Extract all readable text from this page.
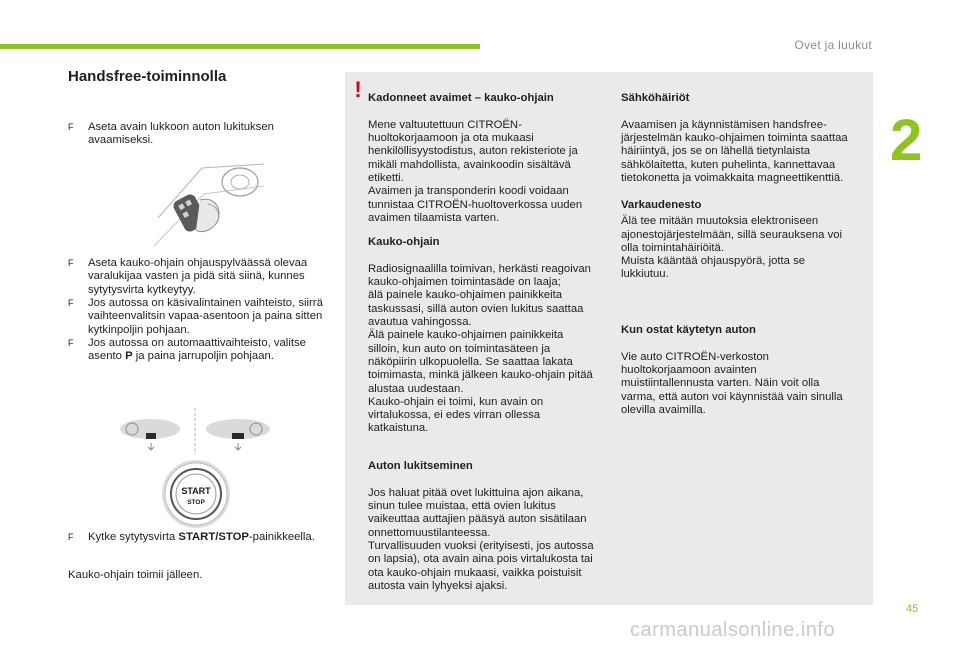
Ovet ja luukut
2
45
carmanualsonline.info
Handsfree-toiminnolla
F Aseta avain lukkoon auton lukituksen avaamiseksi.
F Aseta kauko-ohjain ohjauspylväässä olevaa varalukijaa vasten ja pidä sitä siinä, kunnes sytytysvirta kytkeytyy.
F Jos autossa on käsivalintainen vaihteisto, siirrä vaihteenvalitsin vapaa-asentoon ja paina sitten kytkinpoljin pohjaan.
F Jos autossa on automaattivaihteisto, valitse asento P ja paina jarrupoljin pohjaan.
START
STOP
F Kytke sytytysvirta START/STOP-painikkeella.
Kauko-ohjain toimii jälleen.
! Kadonneet avaimet – kauko-ohjain

Mene valtuutettuun CITROËN-
huoltokorjaamoon ja ota mukaasi
henkilöllisyystodistus, auton rekisteriote ja
mikäli mahdollista, avainkoodin sisältävä
etiketti.
Avaimen ja transponderin koodi voidaan
tunnistaa CITROËN-huoltoverkossa uuden
avaimen tilaamista varten.

Kauko-ohjain

Radiosignaalilla toimivan, herkästi reagoivan
kauko-ohjaimen toimintasäde on laaja;
älä painele kauko-ohjaimen painikkeita
taskussasi, sillä auton ovien lukitus saattaa
avautua vahingossa.
Älä painele kauko-ohjaimen painikkeita
silloin, kun auto on toimintasäteen ja
näköpiirin ulkopuolella. Se saattaa lakata
toimimasta, minkä jälkeen kauko-ohjain pitää
alustaa uudestaan.
Kauko-ohjain ei toimi, kun avain on
virtalukossa, ei edes virran ollessa
katkaistuna.

Auton lukitseminen

Jos haluat pitää ovet lukittuina ajon aikana,
sinun tulee muistaa, että ovien lukitus
vaikeuttaa auttajien pääsyä auton sisätilaan
onnettomuustilanteessa.
Turvallisuuden vuoksi (erityisesti, jos autossa
on lapsia), ota avain aina pois virtalukosta tai
ota kauko-ohjain mukaasi, vaikka poistuisit
autosta vain lyhyeksi ajaksi.

Sähköhäiriöt

Avaamisen ja käynnistämisen handsfree-
järjestelmän kauko-ohjaimen toiminta saattaa
häiriintyä, jos se on lähellä tietynlaista
sähkölaitetta, kuten puhelinta, kannettavaa
tietokonetta ja voimakkaita magneettikenttiä.

Varkaudenesto

Älä tee mitään muutoksia elektroniseen
ajonestojärjestelmään, sillä seurauksena voi
olla toimintahäiriöitä.
Muista kääntää ohjauspyörä, jotta se
lukkiutuu.

Kun ostat käytetyn auton

Vie auto CITROËN-verkoston
huoltokorjaamoon avainten
muistiintallennusta varten. Näin voit olla
varma, että auton voi käynnistää vain sinulla
olevilla avaimilla.
